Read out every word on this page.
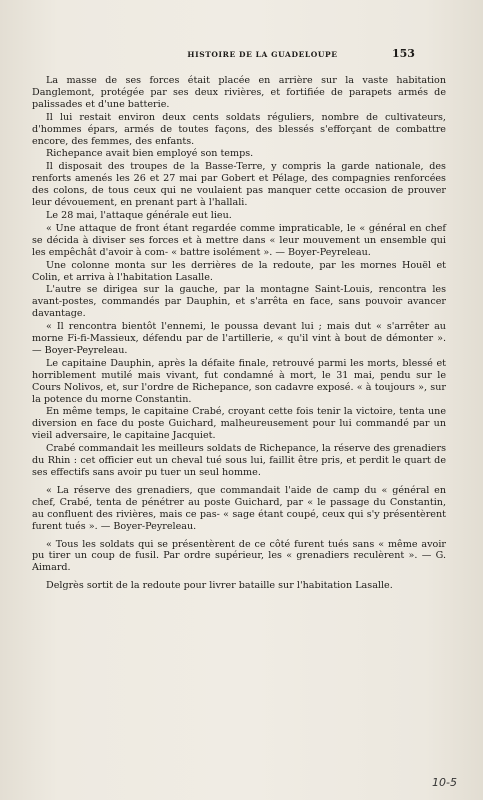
HISTOIRE DE LA GUADELOUPE	153

La masse de ses forces était placée en arrière sur la vaste habitation Danglemont, protégée par ses deux rivières, et fortifiée de parapets armés de palissades et d'une batterie.

Il lui restait environ deux cents soldats réguliers, nombre de cultivateurs, d'hommes épars, armés de toutes façons, des blessés s'efforçant de combattre encore, des femmes, des enfants.

Richepance avait bien employé son temps.

Il disposait des troupes de la Basse-Terre, y compris la garde nationale, des renforts amenés les 26 et 27 mai par Gobert et Pélage, des compagnies renforcées des colons, de tous ceux qui ne voulaient pas manquer cette occasion de prouver leur dévouement, en prenant part à l'hallali.

Le 28 mai, l'attaque générale eut lieu.

« Une attaque de front étant regardée comme impraticable, le « général en chef se décida à diviser ses forces et à mettre dans « leur mouvement un ensemble qui les empêchât d'avoir à com- « battre isolément ». — Boyer-Peyreleau.

Une colonne monta sur les derrières de la redoute, par les mornes Houël et Colin, et arriva à l'habitation Lasalle.

L'autre se dirigea sur la gauche, par la montagne Saint-Louis, rencontra les avant-postes, commandés par Dauphin, et s'arrêta en face, sans pouvoir avancer davantage.

« Il rencontra bientôt l'ennemi, le poussa devant lui ; mais dut « s'arrêter au morne Fi-fi-Massieux, défendu par de l'artillerie, « qu'il vint à bout de démonter ». — Boyer-Peyreleau.

Le capitaine Dauphin, après la défaite finale, retrouvé parmi les morts, blessé et horriblement mutilé mais vivant, fut condamné à mort, le 31 mai, pendu sur le Cours Nolivos, et, sur l'ordre de Richepance, son cadavre exposé. « à toujours », sur la potence du morne Constantin.

En même temps, le capitaine Crabé, croyant cette fois tenir la victoire, tenta une diversion en face du poste Guichard, malheureusement pour lui commandé par un vieil adversaire, le capitaine Jacquiet.

Crabé commandait les meilleurs soldats de Richepance, la réserve des grenadiers du Rhin : cet officier eut un cheval tué sous lui, faillit être pris, et perdit le quart de ses effectifs sans avoir pu tuer un seul homme.

« La réserve des grenadiers, que commandait l'aide de camp du « général en chef, Crabé, tenta de pénétrer au poste Guichard, par « le passage du Constantin, au confluent des rivières, mais ce pas- « sage étant coupé, ceux qui s'y présentèrent furent tués ». — Boyer-Peyreleau.

« Tous les soldats qui se présentèrent de ce côté furent tués sans « même avoir pu tirer un coup de fusil. Par ordre supérieur, les « grenadiers reculèrent ». — G. Aimard.

Delgrès sortit de la redoute pour livrer bataille sur l'habitation Lasalle.

10-5
